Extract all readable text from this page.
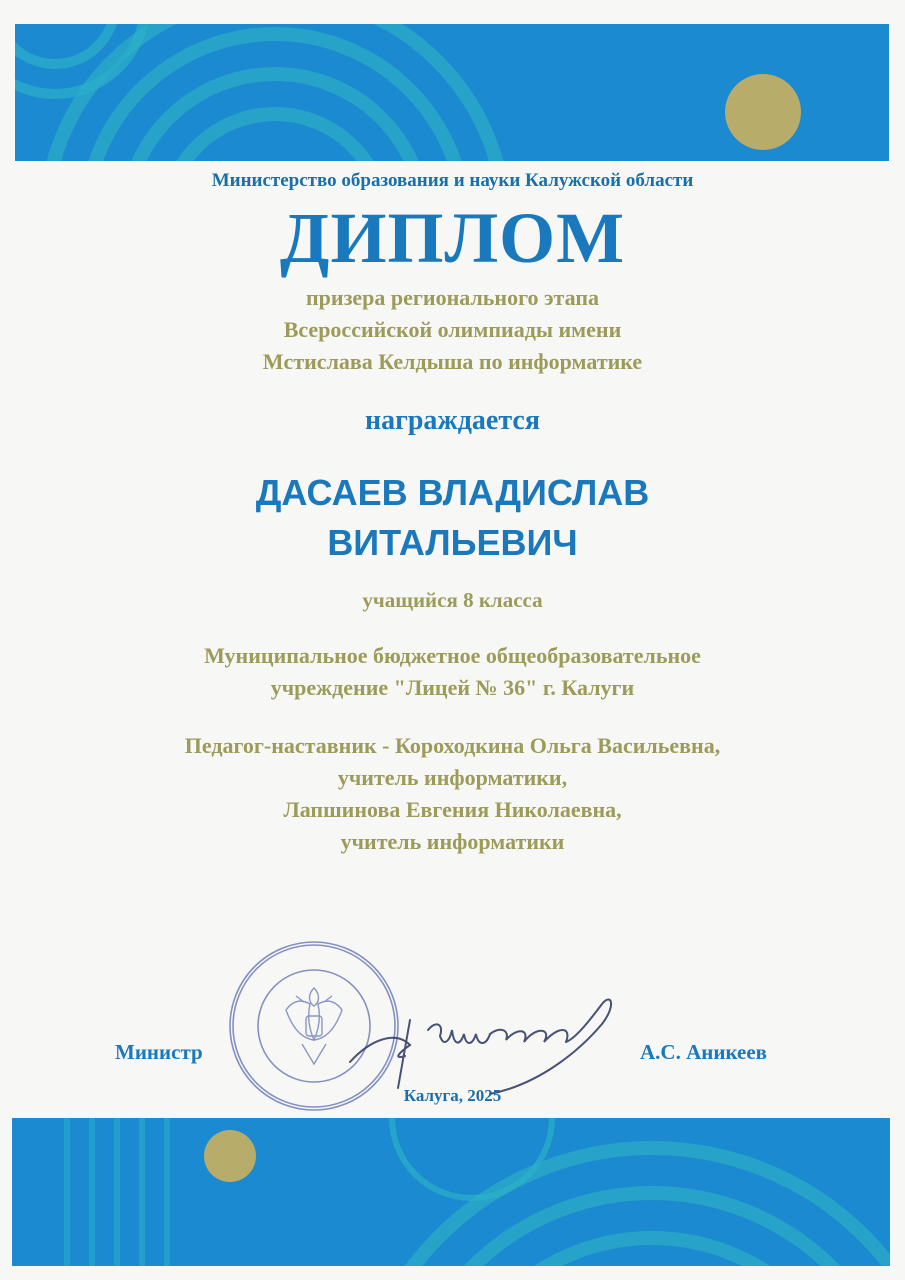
Министерство образования и науки Калужской области
ДИПЛОМ
призера регионального этапа
Всероссийской олимпиады имени
Мстислава Келдыша по информатике
награждается
ДАСАЕВ ВЛАДИСЛАВ
ВИТАЛЬЕВИЧ
учащийся 8 класса
Муниципальное бюджетное общеобразовательное
учреждение "Лицей № 36" г. Калуги
Педагог-наставник - Короходкина Ольга Васильевна,
учитель информатики,
Лапшинова Евгения Николаевна,
учитель информатики
Министр	А.С. Аникеев
Калуга, 2025
